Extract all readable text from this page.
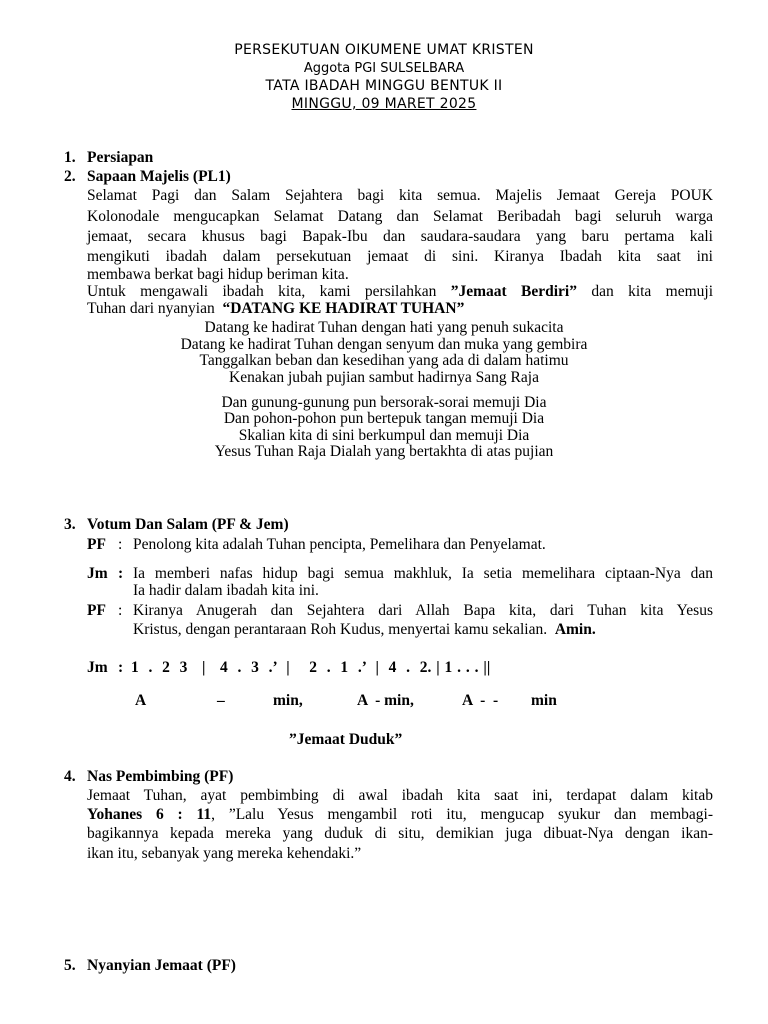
PERSEKUTUAN OIKUMENE UMAT KRISTEN
Aggota PGI SULSELBARA
TATA IBADAH MINGGU BENTUK II
MINGGU, 09 MARET 2025
1. Persiapan
2. Sapaan Majelis (PL1)
Selamat Pagi dan Salam Sejahtera bagi kita semua. Majelis Jemaat Gereja POUK
Kolonodale mengucapkan Selamat Datang dan Selamat Beribadah bagi seluruh warga
jemaat, secara khusus bagi Bapak-Ibu dan saudara-saudara yang baru pertama kali
mengikuti ibadah dalam persekutuan jemaat di sini. Kiranya Ibadah kita saat ini
membawa berkat bagi hidup beriman kita.
Untuk mengawali ibadah kita, kami persilahkan ”Jemaat Berdiri” dan kita memuji
Tuhan dari nyanyian “DATANG KE HADIRAT TUHAN”
Datang ke hadirat Tuhan dengan hati yang penuh sukacita
Datang ke hadirat Tuhan dengan senyum dan muka yang gembira
Tanggalkan beban dan kesedihan yang ada di dalam hatimu
Kenakan jubah pujian sambut hadirnya Sang Raja
Dan gunung-gunung pun bersorak-sorai memuji Dia
Dan pohon-pohon pun bertepuk tangan memuji Dia
Skalian kita di sini berkumpul dan memuji Dia
Yesus Tuhan Raja Dialah yang bertakhta di atas pujian
3. Votum Dan Salam (PF & Jem)
PF : Penolong kita adalah Tuhan pencipta, Pemelihara dan Penyelamat.
Jm : Ia memberi nafas hidup bagi semua makhluk, Ia setia memelihara ciptaan-Nya dan
Ia hadir dalam ibadah kita ini.
PF : Kiranya Anugerah dan Sejahtera dari Allah Bapa kita, dari Tuhan kita Yesus
Kristus, dengan perantaraan Roh Kudus, menyertai kamu sekalian. Amin.
Jm : 1  .  2  3   |   4  .  3  .’  |    2  .  1  .’  |  4  .  2. | 1 . . . ||
A	–	min,	A  - min,	A  -  - min
”Jemaat Duduk”
4. Nas Pembimbing (PF)
Jemaat Tuhan, ayat pembimbing di awal ibadah kita saat ini, terdapat dalam kitab
Yohanes 6 : 11, ”Lalu Yesus mengambil roti itu, mengucap syukur dan membagi-
bagikannya kepada mereka yang duduk di situ, demikian juga dibuat-Nya dengan ikan-
ikan itu, sebanyak yang mereka kehendaki.”
5. Nyanyian Jemaat (PF)
